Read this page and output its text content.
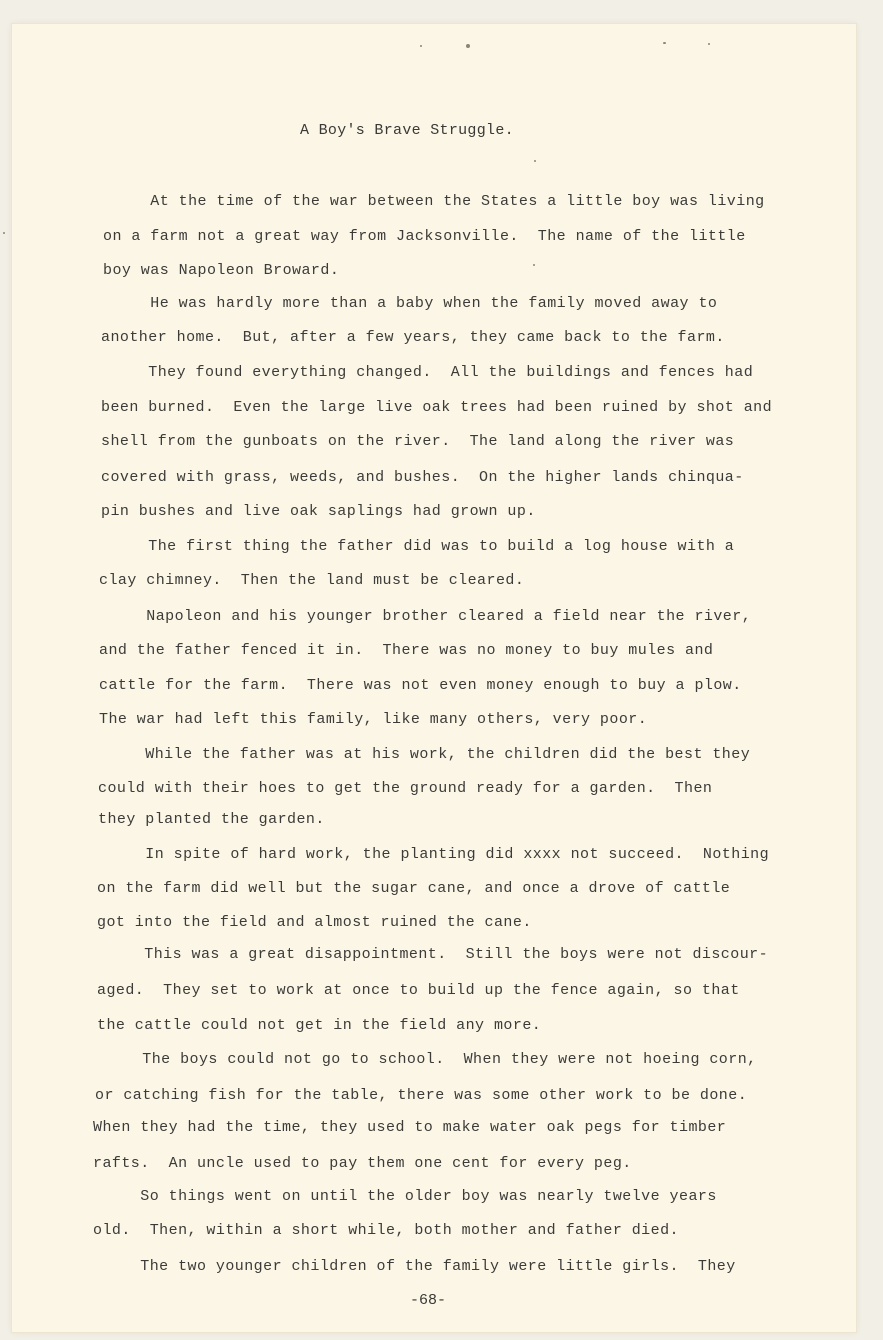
A Boy's Brave Struggle.
At the time of the war between the States a little boy was living
on a farm not a great way from Jacksonville.  The name of the little
boy was Napoleon Broward.
He was hardly more than a baby when the family moved away to
another home.  But, after a few years, they came back to the farm.
They found everything changed.  All the buildings and fences had
been burned.  Even the large live oak trees had been ruined by shot and
shell from the gunboats on the river.  The land along the river was
covered with grass, weeds, and bushes.  On the higher lands chinqua-
pin bushes and live oak saplings had grown up.
The first thing the father did was to build a log house with a
clay chimney.  Then the land must be cleared.
Napoleon and his younger brother cleared a field near the river,
and the father fenced it in.  There was no money to buy mules and
cattle for the farm.  There was not even money enough to buy a plow.
The war had left this family, like many others, very poor.
While the father was at his work, the children did the best they
could with their hoes to get the ground ready for a garden.  Then
they planted the garden.
In spite of hard work, the planting did xxxx not succeed.  Nothing
on the farm did well but the sugar cane, and once a drove of cattle
got into the field and almost ruined the cane.
This was a great disappointment.  Still the boys were not discour-
aged.  They set to work at once to build up the fence again, so that
the cattle could not get in the field any more.
The boys could not go to school.  When they were not hoeing corn,
or catching fish for the table, there was some other work to be done.
When they had the time, they used to make water oak pegs for timber
rafts.  An uncle used to pay them one cent for every peg.
So things went on until the older boy was nearly twelve years
old.  Then, within a short while, both mother and father died.
The two younger children of the family were little girls.  They
-68-
